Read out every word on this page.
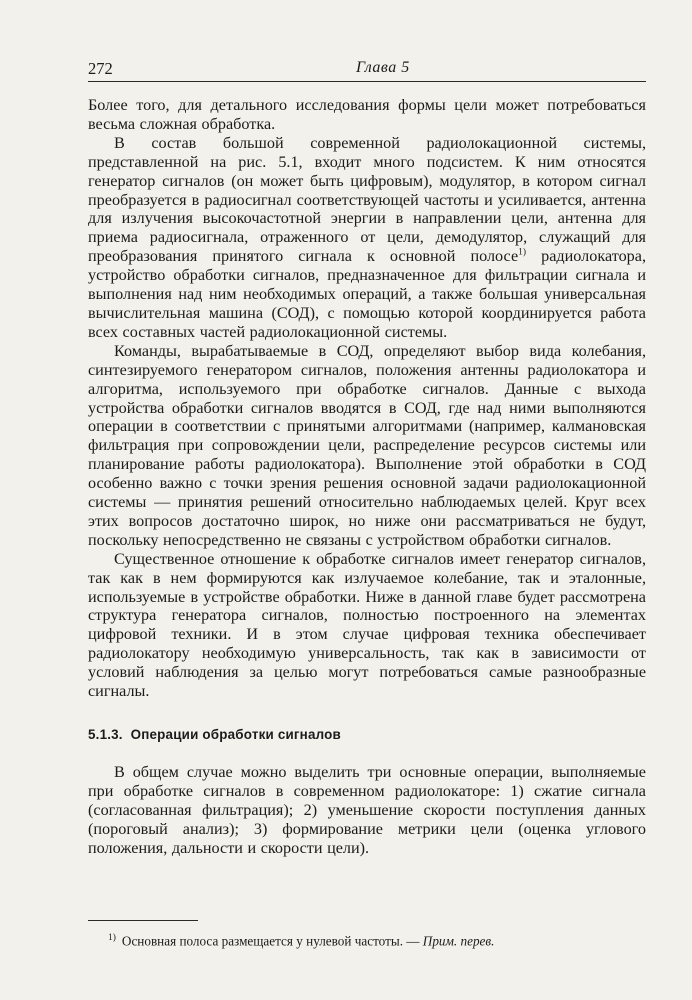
272	Глава 5

Более того, для детального исследования формы цели может потребоваться весьма сложная обработка.

В состав большой современной радиолокационной системы, представленной на рис. 5.1, входит много подсистем. К ним относятся генератор сигналов (он может быть цифровым), модулятор, в котором сигнал преобразуется в радиосигнал соответствующей частоты и усиливается, антенна для излучения высокочастотной энергии в направлении цели, антенна для приема радиосигнала, отраженного от цели, демодулятор, служащий для преобразования принятого сигнала к основной полосе$^{1)}$ радиолокатора, устройство обработки сигналов, предназначенное для фильтрации сигнала и выполнения над ним необходимых операций, а также большая универсальная вычислительная машина (СОД), с помощью которой координируется работа всех составных частей радиолокационной системы.

Команды, вырабатываемые в СОД, определяют выбор вида колебания, синтезируемого генератором сигналов, положения антенны радиолокатора и алгоритма, используемого при обработке сигналов. Данные с выхода устройства обработки сигналов вводятся в СОД, где над ними выполняются операции в соответствии с принятыми алгоритмами (например, калмановская фильтрация при сопровождении цели, распределение ресурсов системы или планирование работы радиолокатора). Выполнение этой обработки в СОД особенно важно с точки зрения решения основной задачи радиолокационной системы — принятия решений относительно наблюдаемых целей. Круг всех этих вопросов достаточно широк, но ниже они рассматриваться не будут, поскольку непосредственно не связаны с устройством обработки сигналов.

Существенное отношение к обработке сигналов имеет генератор сигналов, так как в нем формируются как излучаемое колебание, так и эталонные, используемые в устройстве обработки. Ниже в данной главе будет рассмотрена структура генератора сигналов, полностью построенного на элементах цифровой техники. И в этом случае цифровая техника обеспечивает радиолокатору необходимую универсальность, так как в зависимости от условий наблюдения за целью могут потребоваться самые разнообразные сигналы.

5.1.3. Операции обработки сигналов

В общем случае можно выделить три основные операции, выполняемые при обработке сигналов в современном радиолокаторе: 1) сжатие сигнала (согласованная фильтрация); 2) уменьшение скорости поступления данных (пороговый анализ); 3) формирование метрики цели (оценка углового положения, дальности и скорости цели).

$^{1)}$ Основная полоса размещается у нулевой частоты. — Прим. перев.
